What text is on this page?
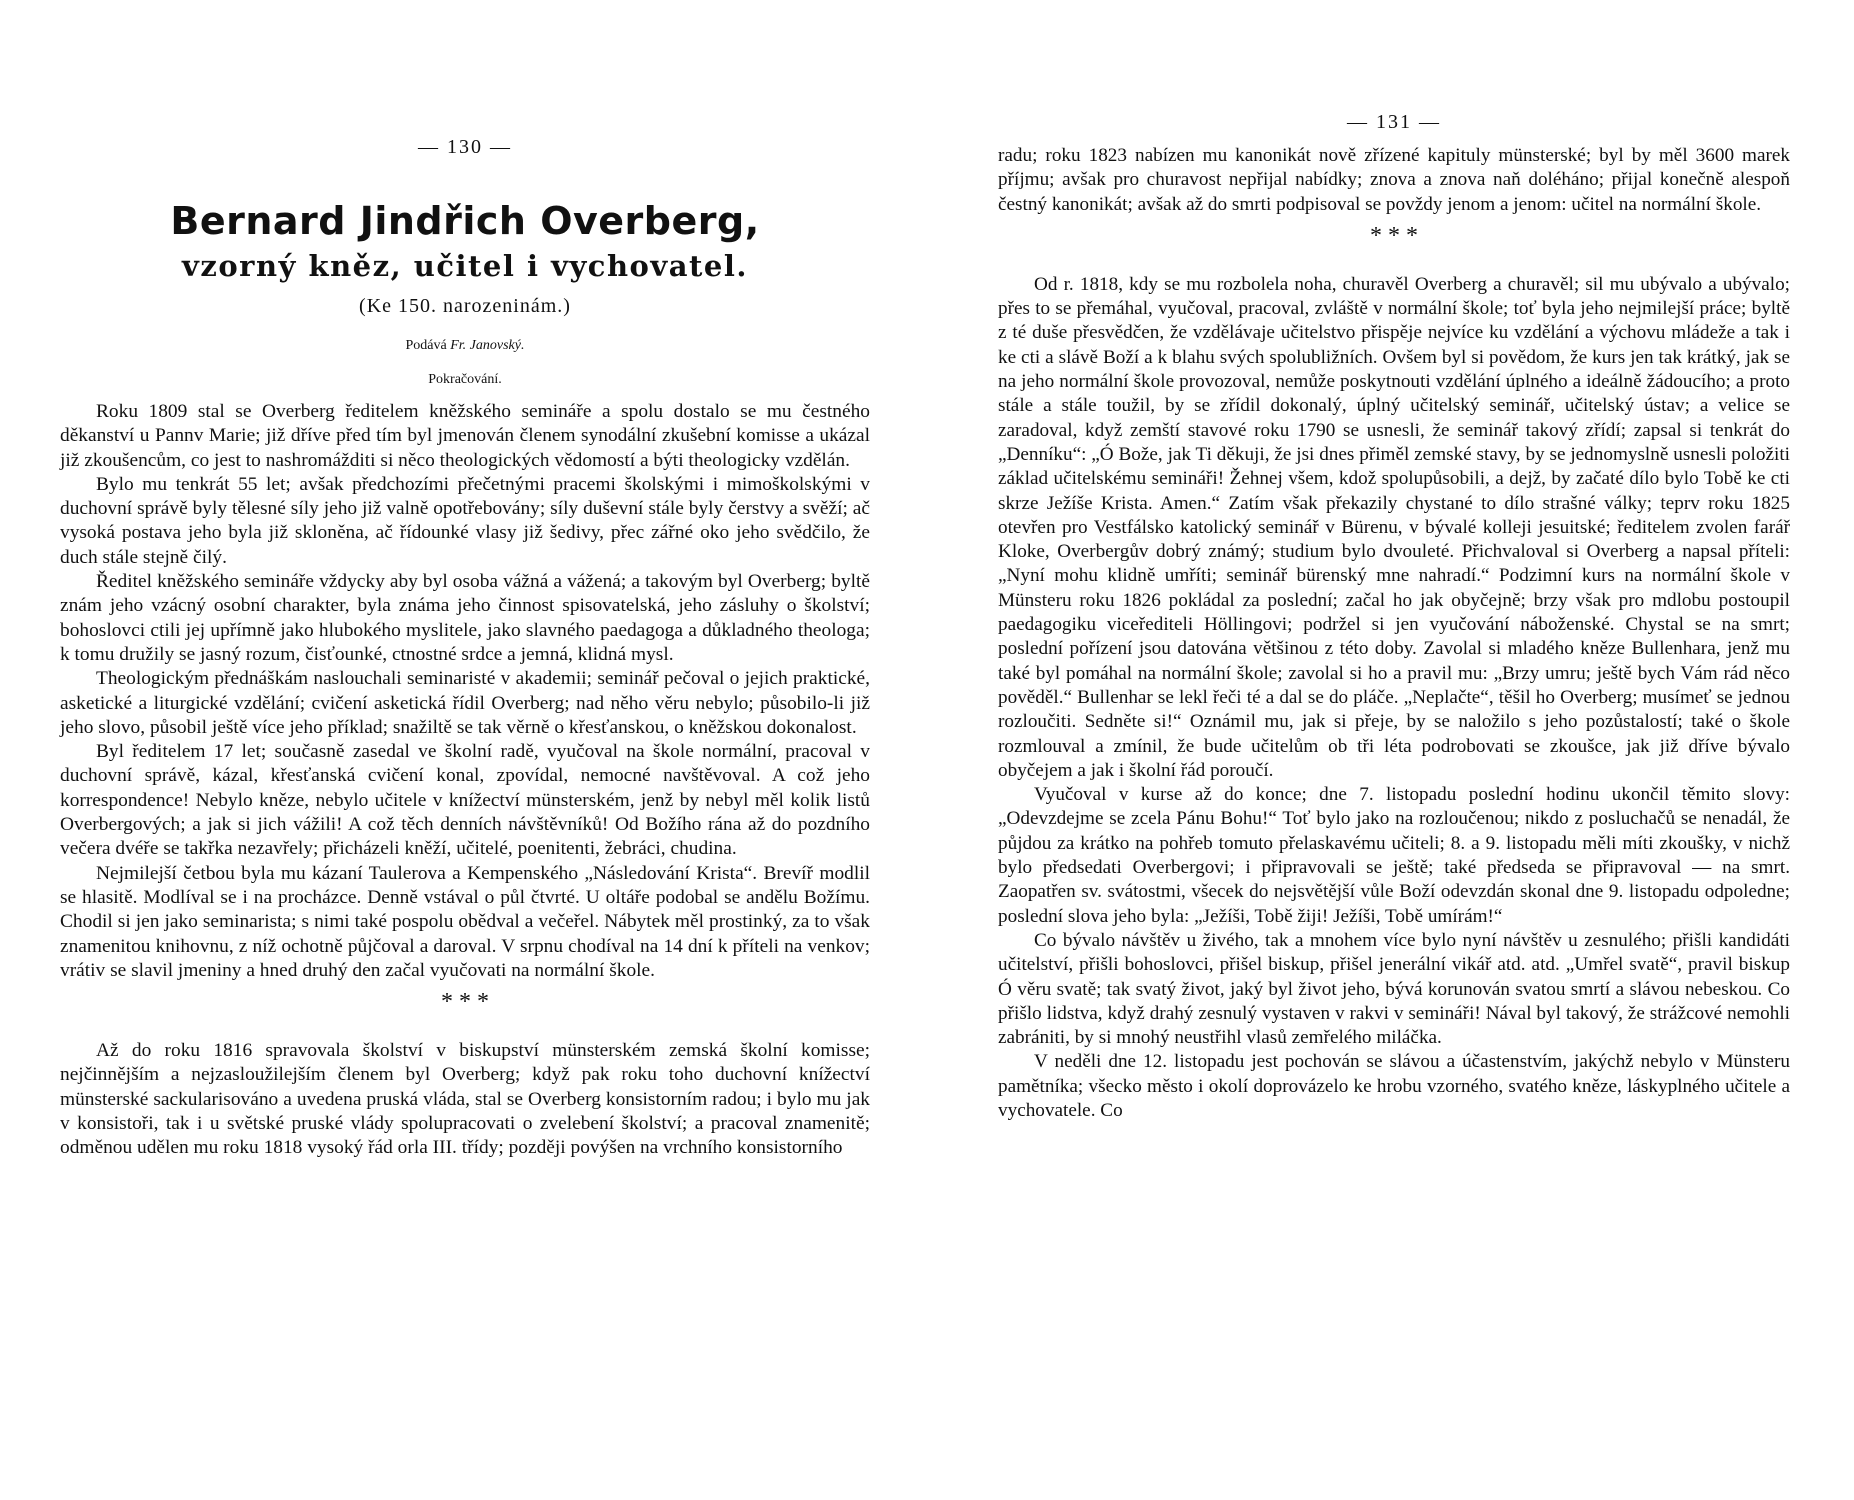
— 130 —
Bernard Jindřich Overberg,
vzorný kněz, učitel i vychovatel.
(Ke 150. narozeninám.)
Podává Fr. Janovský.
Pokračování.

Roku 1809 stal se Overberg ředitelem kněžského semináře a spolu dostalo se mu čestného děkanství u Pannv Marie; již dříve před tím byl jmenován členem synodální zkušební komisse a ukázal již zkoušencům, co jest to nashromážditi si něco theologických vědomostí a býti theologicky vzdělán.

Bylo mu tenkrát 55 let; avšak předchozími přečetnými pracemi školskými i mimoškolskými v duchovní správě byly tělesné síly jeho již valně opotřebovány; síly duševní stále byly čerstvy a svěží; ač vysoká postava jeho byla již skloněna, ač řídounké vlasy již šedivy, přec zářné oko jeho svědčilo, že duch stále stejně čilý.

Ředitel kněžského semináře vždycky aby byl osoba vážná a vážená; a takovým byl Overberg; byltě znám jeho vzácný osobní charakter, byla známa jeho činnost spisovatelská, jeho zásluhy o školství; bohoslovci ctili jej upřímně jako hlubokého myslitele, jako slavného paedagoga a důkladného theologa; k tomu družily se jasný rozum, čisťounké, ctnostné srdce a jemná, klidná mysl.

Theologickým přednáškám naslouchali seminaristé v akademii; seminář pečoval o jejich praktické, asketické a liturgické vzdělání; cvičení asketická řídil Overberg; nad něho věru nebylo; působilo-li již jeho slovo, působil ještě více jeho příklad; snažiltě se tak věrně o křesťanskou, o kněžskou dokonalost.

Byl ředitelem 17 let; současně zasedal ve školní radě, vyučoval na škole normální, pracoval v duchovní správě, kázal, křesťanská cvičení konal, zpovídal, nemocné navštěvoval. A což jeho korrespondence! Nebylo kněze, nebylo učitele v knížectví münsterském, jenž by nebyl měl kolik listů Overbergových; a jak si jich vážili! A což těch denních návštěvníků! Od Božího rána až do pozdního večera dvéře se takřka nezavřely; přicházeli kněží, učitelé, poenitenti, žebráci, chudina.

Nejmilejší četbou byla mu kázaní Taulerova a Kempenského „Následování Krista“. Brevíř modlil se hlasitě. Modlíval se i na procházce. Denně vstával o půl čtvrté. U oltáře podobal se andělu Božímu. Chodil si jen jako seminarista; s nimi také pospolu obědval a večeřel. Nábytek měl prostinký, za to však znamenitou knihovnu, z níž ochotně půjčoval a daroval. V srpnu chodíval na 14 dní k příteli na venkov; vrátiv se slavil jmeniny a hned druhý den začal vyučovati na normální škole.

* * *

Až do roku 1816 spravovala školství v biskupství münsterském zemská školní komisse; nejčinnějším a nejzasloužilejším členem byl Overberg; když pak roku toho duchovní knížectví münsterské sackularisováno a uvedena pruská vláda, stal se Overberg konsistorním radou; i bylo mu jak v konsistoři, tak i u světské pruské vlády spolupracovati o zvelebení školství; a pracoval znamenitě; odměnou udělen mu roku 1818 vysoký řád orla III. třídy; později povýšen na vrchního konsistorního

— 131 —

radu; roku 1823 nabízen mu kanonikát nově zřízené kapituly münsterské; byl by měl 3600 marek příjmu; avšak pro churavost nepřijal nabídky; znova a znova naň doléháno; přijal konečně alespoň čestný kanonikát; avšak až do smrti podpisoval se povždy jenom a jenom: učitel na normální škole.

* * *

Od r. 1818, kdy se mu rozbolela noha, churavěl Overberg a churavěl; sil mu ubývalo a ubývalo; přes to se přemáhal, vyučoval, pracoval, zvláště v normální škole; toť byla jeho nejmilejší práce; byltě z té duše přesvědčen, že vzdělávaje učitelstvo přispěje nejvíce ku vzdělání a výchovu mládeže a tak i ke cti a slávě Boží a k blahu svých spolubližních. Ovšem byl si povědom, že kurs jen tak krátký, jak se na jeho normální škole provozoval, nemůže poskytnouti vzdělání úplného a ideálně žádoucího; a proto stále a stále toužil, by se zřídil dokonalý, úplný učitelský seminář, učitelský ústav; a velice se zaradoval, když zemští stavové roku 1790 se usnesli, že seminář takový zřídí; zapsal si tenkrát do „Denníku“: „Ó Bože, jak Ti děkuji, že jsi dnes přiměl zemské stavy, by se jednomyslně usnesli položiti základ učitelskému semináři! Žehnej všem, kdož spolupůsobili, a dejž, by začaté dílo bylo Tobě ke cti skrze Ježíše Krista. Amen.“ Zatím však překazily chystané to dílo strašné války; teprv roku 1825 otevřen pro Vestfálsko katolický seminář v Bürenu, v bývalé kolleji jesuitské; ředitelem zvolen farář Kloke, Overbergův dobrý známý; studium bylo dvouleté. Přichvaloval si Overberg a napsal příteli: „Nyní mohu klidně umříti; seminář bürenský mne nahradí.“ Podzimní kurs na normální škole v Münsteru roku 1826 pokládal za poslední; začal ho jak obyčejně; brzy však pro mdlobu postoupil paedagogiku viceřediteli Höllingovi; podržel si jen vyučování náboženské. Chystal se na smrt; poslední pořízení jsou datována většinou z této doby. Zavolal si mladého kněze Bullenhara, jenž mu také byl pomáhal na normální škole; zavolal si ho a pravil mu: „Brzy umru; ještě bych Vám rád něco pověděl.“ Bullenhar se lekl řeči té a dal se do pláče. „Neplačte“, těšil ho Overberg; musímeť se jednou rozloučiti. Sedněte si!“ Oznámil mu, jak si přeje, by se naložilo s jeho pozůstalostí; také o škole rozmlouval a zmínil, že bude učitelům ob tři léta podrobovati se zkoušce, jak již dříve bývalo obyčejem a jak i školní řád poroučí.

Vyučoval v kurse až do konce; dne 7. listopadu poslední hodinu ukončil těmito slovy: „Odevzdejme se zcela Pánu Bohu!“ Toť bylo jako na rozloučenou; nikdo z posluchačů se nenadál, že půjdou za krátko na pohřeb tomuto přelaskavému učiteli; 8. a 9. listopadu měli míti zkoušky, v nichž bylo předsedati Overbergovi; i připravovali se ještě; také předseda se připravoval — na smrt. Zaopatřen sv. svátostmi, všecek do nejsvětější vůle Boží odevzdán skonal dne 9. listopadu odpoledne; poslední slova jeho byla: „Ježíši, Tobě žiji! Ježíši, Tobě umírám!“

Co bývalo návštěv u živého, tak a mnohem více bylo nyní návštěv u zesnulého; přišli kandidáti učitelství, přišli bohoslovci, přišel biskup, přišel jenerální vikář atd. atd. „Umřel svatě“, pravil biskup Ó věru svatě; tak svatý život, jaký byl život jeho, bývá korunován svatou smrtí a slávou nebeskou. Co přišlo lidstva, když drahý zesnulý vystaven v rakvi v semináři! Nával byl takový, že strážcové nemohli zabrániti, by si mnohý neustřihl vlasů zemřelého miláčka.

V neděli dne 12. listopadu jest pochován se slávou a účastenstvím, jakýchž nebylo v Münsteru pamětníka; všecko město i okolí doprovázelo ke hrobu vzorného, svatého kněze, láskyplného učitele a vychovatele. Co
